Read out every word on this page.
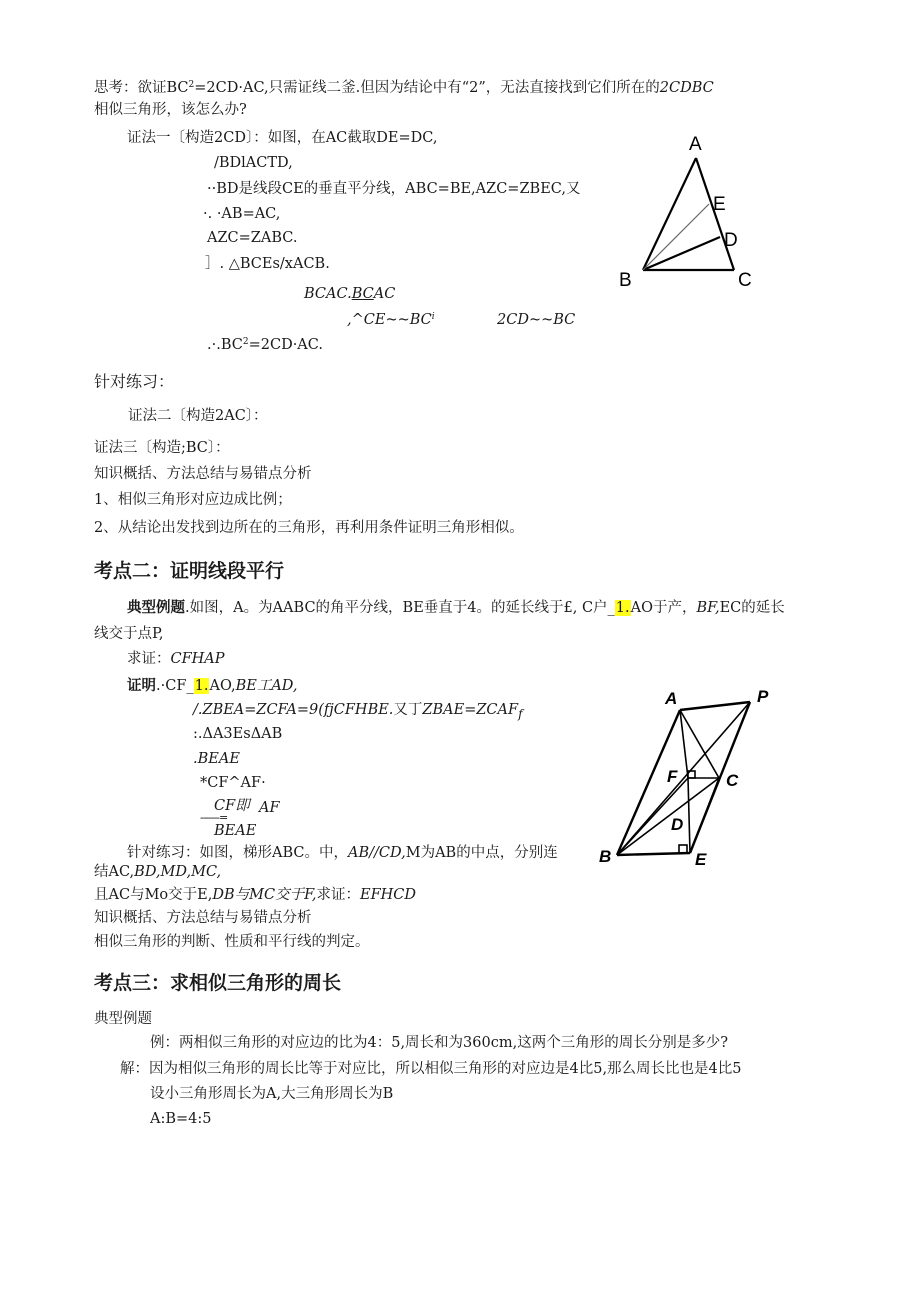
思考：欲证$BC^2=2CD\cdot AC$,只需证线二釜.但因为结论中有“2”，无法直接找到它们所在的2CDBC
相似三角形，该怎么办?
证法一〔构造2CD〕：如图，在AC截取DE=DC,
/BDlACTD,
··BD是线段CE的垂直平分线，ABC=BE,AZC=ZBEC,又
·. ·AB=AC,
AZC=ZABC.
］. △BCEs/xACB.
BCAC.BCAC
$,\^{}CE\sim\sim BC^i$	2CD~~BC
$.\cdot.BC^2=2CD\cdot AC$.
A
B	C
D
E
针对练习：
证法二〔构造2AC〕：
证法三〔构造;BC〕：
知识概括、方法总结与易错点分析
1、相似三角形对应边成比例；
2、从结论出发找到边所在的三角形，再利用条件证明三角形相似。
考点二：证明线段平行
典型例题.如图，A。为AABC的角平分线，BE垂直于4。的延长线于£, C户_1.AO于产，BF,EC的延长
线交于点P,
求证：CFHAP
证明.·CF_1.AO,BE工AD,
/.ZBEA=ZCFA=9(fjCFHBE.又丁$ZBAE=ZCAF_f$
:.ΔA3EsΔAB
.BEAE
*CF^AF·
CF即 AF
-------=
BEAE
针对练习：如图，梯形ABC。中，AB//CD,M为AB的中点，分别连
结AC,BD,MD,MC,
且AC与Mo交于E,DB与MC交于F,求证：EFHCD
知识概括、方法总结与易错点分析
相似三角形的判断、性质和平行线的判定。
A	P
F	C
D
B	E
考点三：求相似三角形的周长
典型例题
例：两相似三角形的对应边的比为4：5,周长和为360cm,这两个三角形的周长分别是多少?
解：因为相似三角形的周长比等于对应比，所以相似三角形的对应边是4比5,那么周长比也是4比5
设小三角形周长为A,大三角形周长为B
A:B=4:5
